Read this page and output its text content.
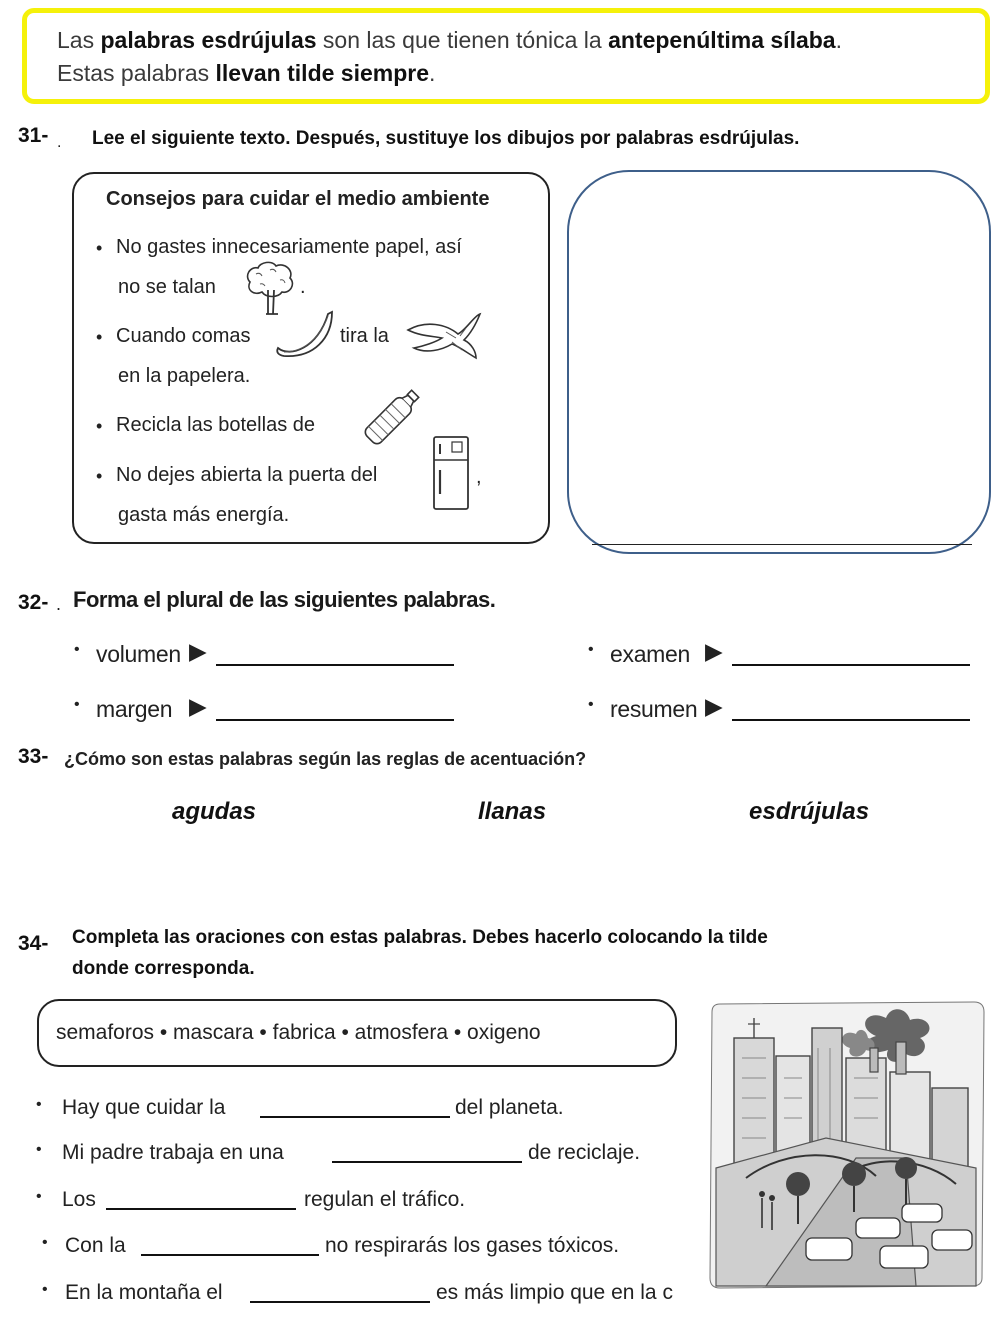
Las palabras esdrújulas son las que tienen tónica la antepenúltima sílaba.
Estas palabras llevan tilde siempre.
31- . Lee el siguiente texto. Después, sustituye los dibujos por palabras esdrújulas.
Consejos para cuidar el medio ambiente
• No gastes innecesariamente papel, así
no se talan	.
• Cuando comas	tira la
en la papelera.
• Recicla las botellas de
• No dejes abierta la puerta del	,
gasta más energía.
32- . Forma el plural de las siguientes palabras.
• volumen ▶
• margen ▶
• examen ▶
• resumen ▶
33- ¿Cómo son estas palabras según las reglas de acentuación?
agudas	llanas	esdrújulas
34- Completa las oraciones con estas palabras. Debes hacerlo colocando la tilde
donde corresponda.
semaforos • mascara • fabrica • atmosfera • oxigeno
• Hay que cuidar la	del planeta.
• Mi padre trabaja en una	de reciclaje.
• Los	regulan el tráfico.
• Con la	no respirarás los gases tóxicos.
• En la montaña el	es más limpio que en la c
